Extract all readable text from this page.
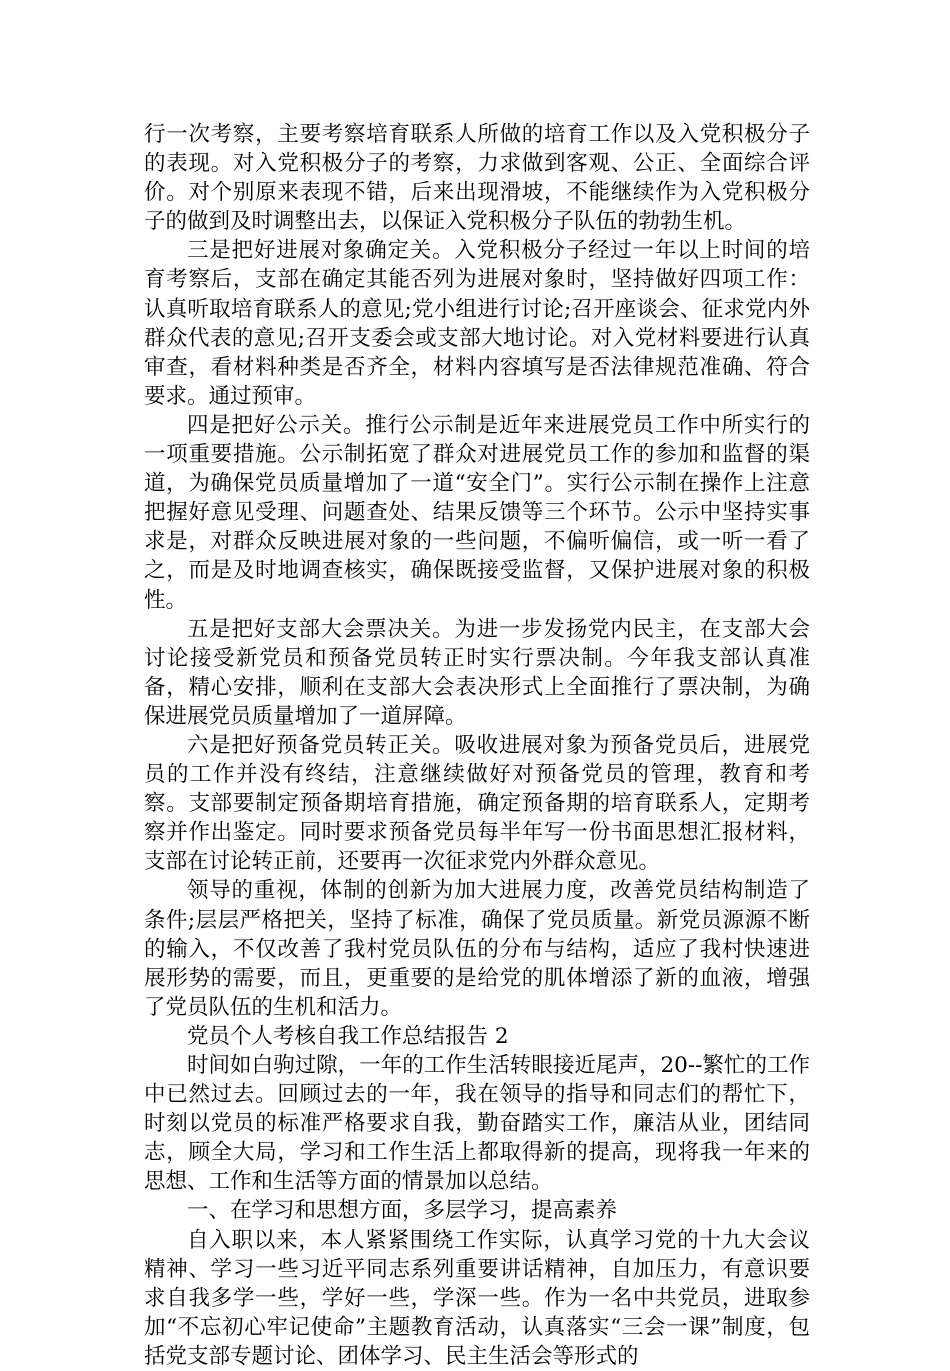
行一次考察，主要考察培育联系人所做的培育工作以及入党积极分子的表现。对入党积极分子的考察，力求做到客观、公正、全面综合评价。对个别原来表现不错，后来出现滑坡，不能继续作为入党积极分子的做到及时调整出去，以保证入党积极分子队伍的勃勃生机。

三是把好进展对象确定关。入党积极分子经过一年以上时间的培育考察后，支部在确定其能否列为进展对象时，坚持做好四项工作：认真听取培育联系人的意见;党小组进行讨论;召开座谈会、征求党内外群众代表的意见;召开支委会或支部大地讨论。对入党材料要进行认真审查，看材料种类是否齐全，材料内容填写是否法律规范准确、符合要求。通过预审。

四是把好公示关。推行公示制是近年来进展党员工作中所实行的一项重要措施。公示制拓宽了群众对进展党员工作的参加和监督的渠道，为确保党员质量增加了一道“安全门”。实行公示制在操作上注意把握好意见受理、问题查处、结果反馈等三个环节。公示中坚持实事求是，对群众反映进展对象的一些问题，不偏听偏信，或一听一看了之，而是及时地调查核实，确保既接受监督，又保护进展对象的积极性。

五是把好支部大会票决关。为进一步发扬党内民主，在支部大会讨论接受新党员和预备党员转正时实行票决制。今年我支部认真准备，精心安排，顺利在支部大会表决形式上全面推行了票决制，为确保进展党员质量增加了一道屏障。

六是把好预备党员转正关。吸收进展对象为预备党员后，进展党员的工作并没有终结，注意继续做好对预备党员的管理，教育和考察。支部要制定预备期培育措施，确定预备期的培育联系人，定期考察并作出鉴定。同时要求预备党员每半年写一份书面思想汇报材料，支部在讨论转正前，还要再一次征求党内外群众意见。

领导的重视，体制的创新为加大进展力度，改善党员结构制造了条件;层层严格把关，坚持了标准，确保了党员质量。新党员源源不断的输入，不仅改善了我村党员队伍的分布与结构，适应了我村快速进展形势的需要，而且，更重要的是给党的肌体增添了新的血液，增强了党员队伍的生机和活力。

党员个人考核自我工作总结报告 2

时间如白驹过隙，一年的工作生活转眼接近尾声，20--繁忙的工作中已然过去。回顾过去的一年，我在领导的指导和同志们的帮忙下，时刻以党员的标准严格要求自我，勤奋踏实工作，廉洁从业，团结同志，顾全大局，学习和工作生活上都取得新的提高，现将我一年来的思想、工作和生活等方面的情景加以总结。

一、在学习和思想方面，多层学习，提高素养

自入职以来，本人紧紧围绕工作实际，认真学习党的十九大会议精神、学习一些习近平同志系列重要讲话精神，自加压力，有意识要求自我多学一些，学好一些，学深一些。作为一名中共党员，进取参加“不忘初心牢记使命”主题教育活动，认真落实“三会一课”制度，包括党支部专题讨论、团体学习、民主生活会等形式的
